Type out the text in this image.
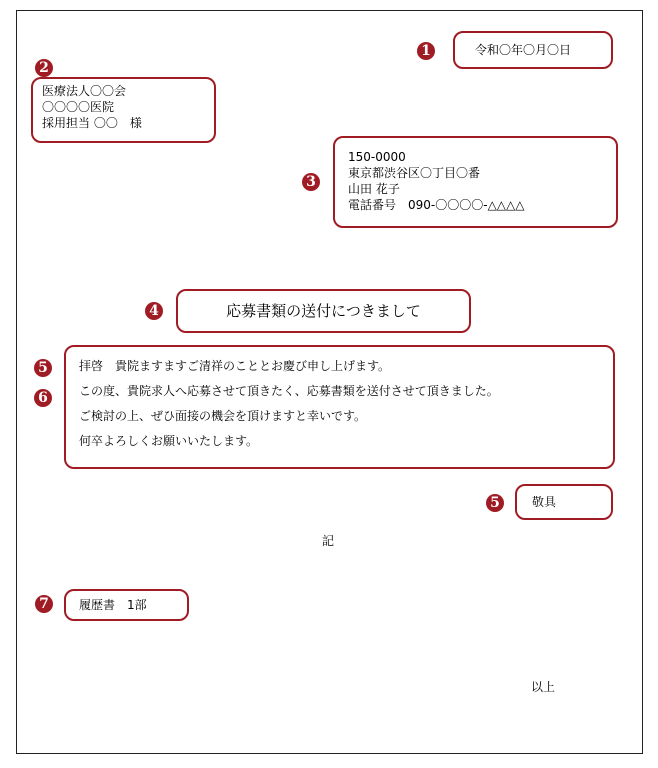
1	令和〇年〇月〇日
2
医療法人〇〇会
〇〇〇〇医院
採用担当 〇〇　様
3
150-0000
東京都渋谷区〇丁目〇番
山田 花子
電話番号　090-〇〇〇〇-△△△△
4	応募書類の送付につきまして
5
6
拝啓　貴院ますますご清祥のこととお慶び申し上げます。
この度、貴院求人へ応募させて頂きたく、応募書類を送付させて頂きました。
ご検討の上、ぜひ面接の機会を頂けますと幸いです。
何卒よろしくお願いいたします。
5	敬具
記
7	履歴書　1部
以上
